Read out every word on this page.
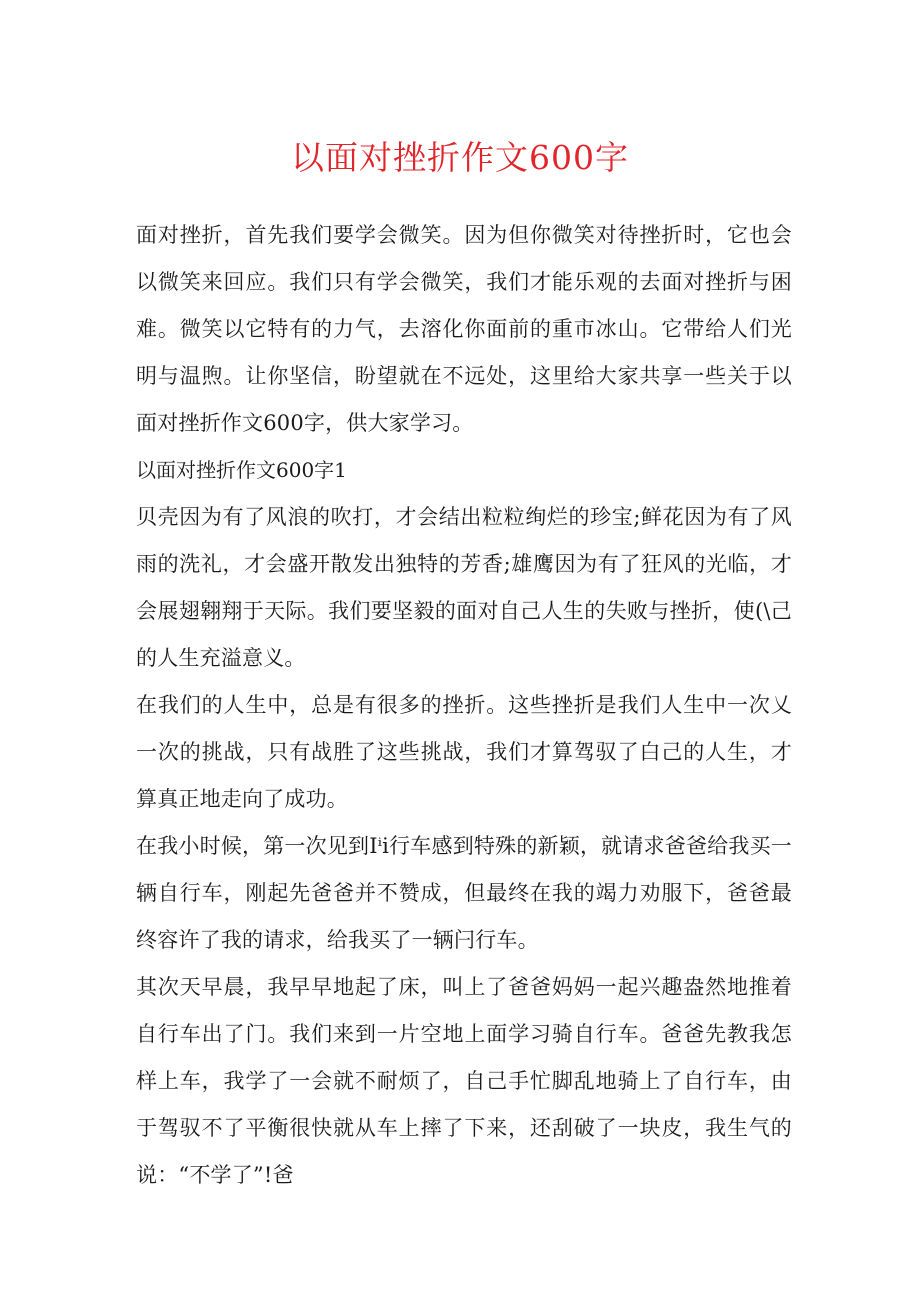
以面对挫折作文600字

面对挫折，首先我们要学会微笑。因为但你微笑对待挫折时，它也会以微笑来回应。我们只有学会微笑，我们才能乐观的去面对挫折与困难。微笑以它特有的力气，去溶化你面前的重市冰山。它带给人们光明与温煦。让你坚信，盼望就在不远处，这里给大家共享一些关于以面对挫折作文600字，供大家学习。

以面对挫折作文600字1

贝壳因为有了风浪的吹打，才会结出粒粒绚烂的珍宝;鲜花因为有了风雨的洗礼，才会盛开散发出独特的芳香;雄鹰因为有了狂风的光临，才会展翅翱翔于天际。我们要坚毅的面对自己人生的失败与挫折，使(\己的人生充溢意义。

在我们的人生中，总是有很多的挫折。这些挫折是我们人生中一次乂一次的挑战，只有战胜了这些挑战，我们才算驾驭了白己的人生，才算真正地走向了成功。

在我小时候，第一次见到Iⁱi行车感到特殊的新颖，就请求爸爸给我买一辆自行车，刚起先爸爸并不赞成，但最终在我的竭力劝服下，爸爸最终容许了我的请求，给我买了一辆闩行车。

其次天早晨，我早早地起了床，叫上了爸爸妈妈一起兴趣盎然地推着自行车出了门。我们来到一片空地上面学习骑自行车。爸爸先教我怎样上车，我学了一会就不耐烦了，自己手忙脚乱地骑上了自行车，由于驾驭不了平衡很快就从车上摔了下来，还刮破了一块皮，我生气的说：“不学了”!爸
